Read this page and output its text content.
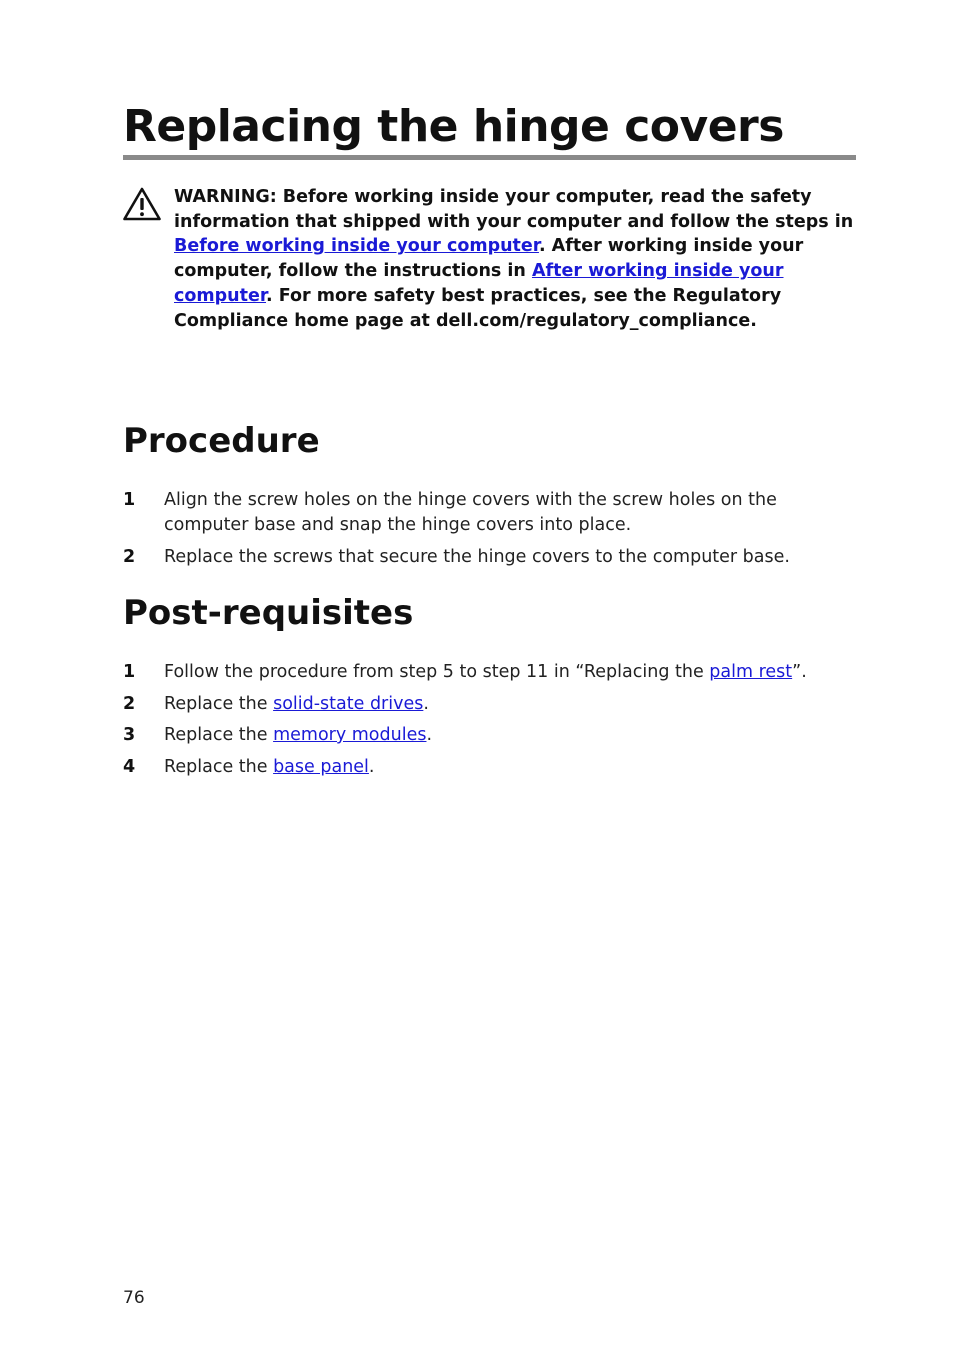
Replacing the hinge covers

WARNING: Before working inside your computer, read the safety information that shipped with your computer and follow the steps in Before working inside your computer. After working inside your computer, follow the instructions in After working inside your computer. For more safety best practices, see the Regulatory Compliance home page at dell.com/regulatory_compliance.

Procedure
1 Align the screw holes on the hinge covers with the screw holes on the computer base and snap the hinge covers into place.
2 Replace the screws that secure the hinge covers to the computer base.
Post-requisites
1 Follow the procedure from step 5 to step 11 in “Replacing the palm rest”.
2 Replace the solid-state drives.
3 Replace the memory modules.
4 Replace the base panel.
76
